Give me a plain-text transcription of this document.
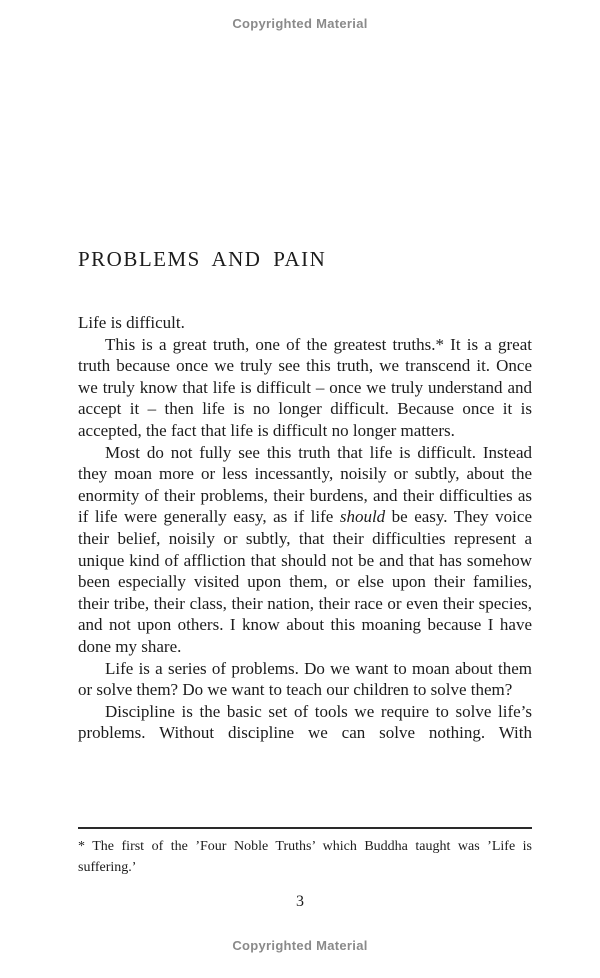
Copyrighted Material
PROBLEMS AND PAIN

Life is difficult.

This is a great truth, one of the greatest truths.* It is a great truth because once we truly see this truth, we transcend it. Once we truly know that life is difficult – once we truly understand and accept it – then life is no longer difficult. Because once it is accepted, the fact that life is difficult no longer matters.

Most do not fully see this truth that life is difficult. Instead they moan more or less incessantly, noisily or subtly, about the enormity of their problems, their burdens, and their difficulties as if life were generally easy, as if life should be easy. They voice their belief, noisily or subtly, that their difficulties represent a unique kind of affliction that should not be and that has somehow been especially visited upon them, or else upon their families, their tribe, their class, their nation, their race or even their species, and not upon others. I know about this moaning because I have done my share.

Life is a series of problems. Do we want to moan about them or solve them? Do we want to teach our children to solve them?

Discipline is the basic set of tools we require to solve life’s problems. Without discipline we can solve nothing. With

* The first of the ’Four Noble Truths’ which Buddha taught was ’Life is suffering.’

3
Copyrighted Material
